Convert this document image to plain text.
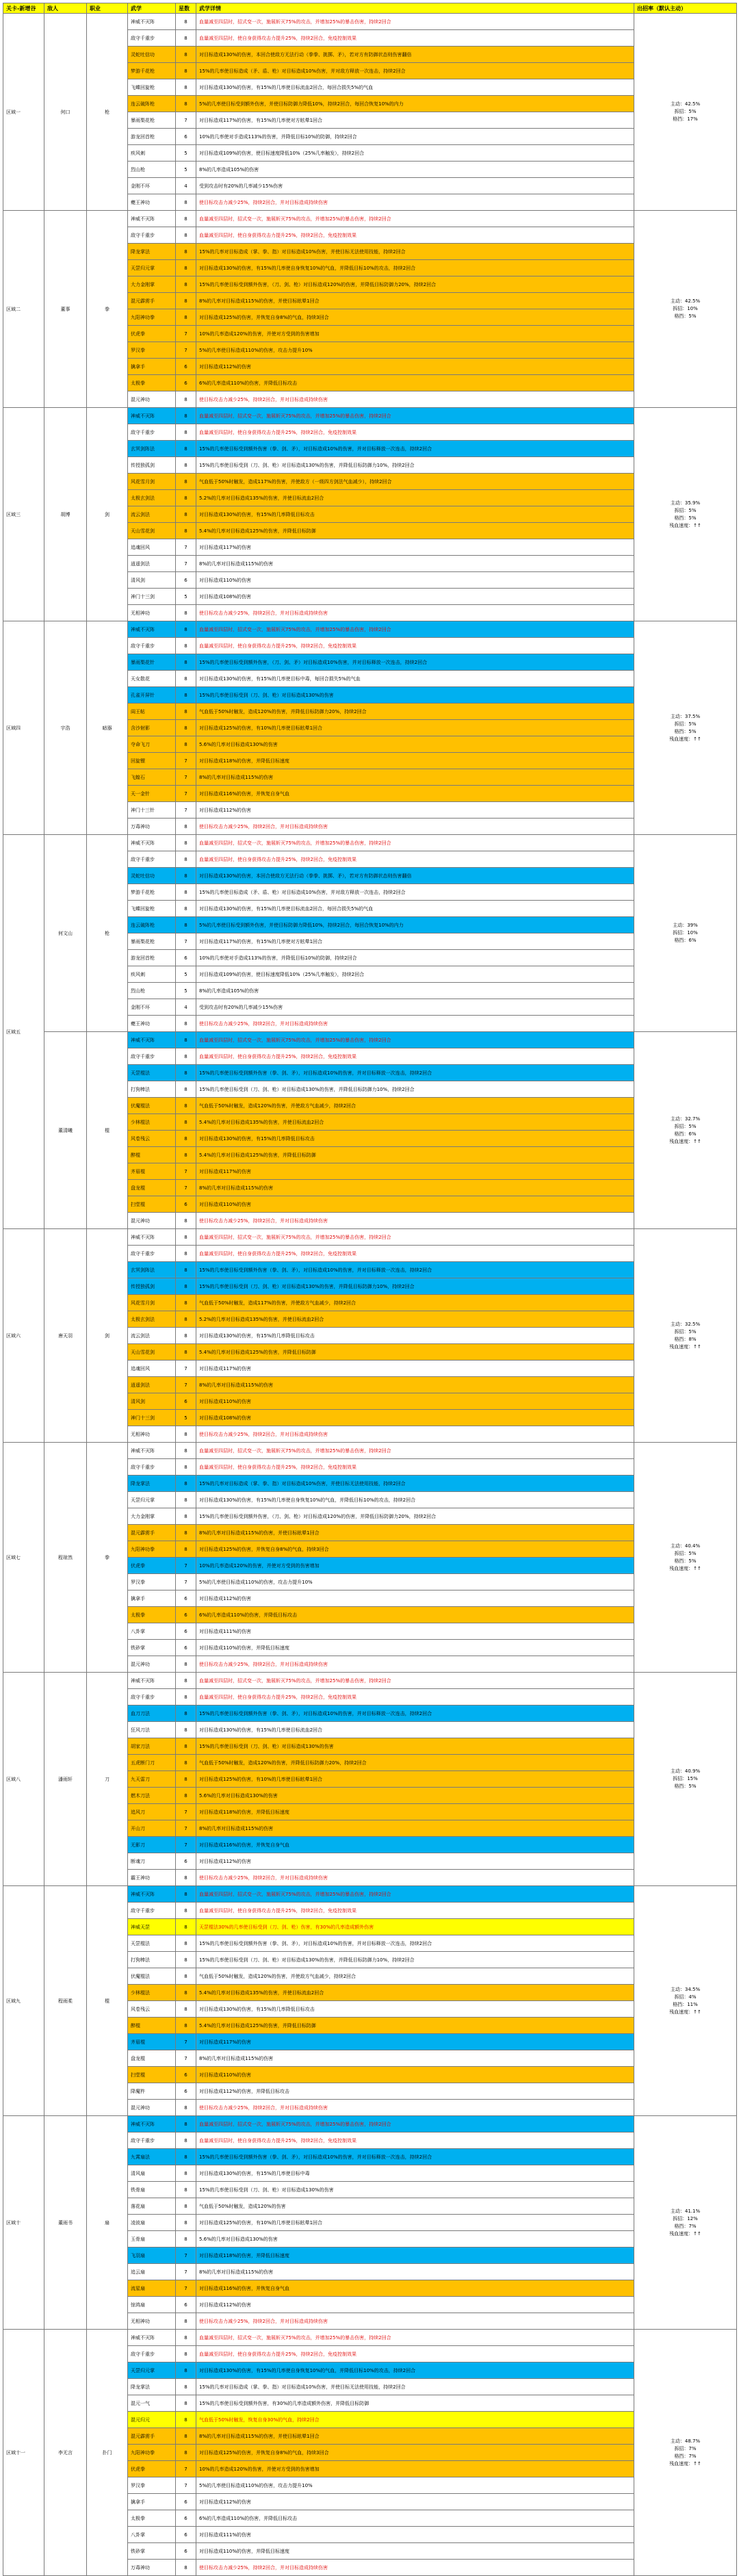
关卡-新增谷	敌人	职业	武学	星数	武学详情	出招率（默认主动）
区域一	何口	枪	神威不灭阵	8	血量减至四层时，招式变一次，施展斩灭75%的攻击，并增加25%的暴击伤害，持续2回合	主动：42.5%
拆招：5%
格挡：17%

			敌守千重步	8	血量减至四层时，使自身获得攻击力提升25%，持续2回合，免疫控制效果	
			灵蛇吐信功	8	对目标造成130%的伤害，本回合使敌方无法行动（拳拳、挑掷、矛），若对方有防御状态则伤害翻倍	
			梦游千花枪	8	15%的几率使目标造成（矛、盾、枪）对目标造成10%伤害，并对敌方释放一次连击，持续2回合	
			飞蝶回旋枪	8	对目标造成130%的伤害，有15%的几率使目标流血2回合，每回合损失5%的气血	
			连云破阵枪	8	5%的几率使目标受到额外伤害，并使目标防御力降低10%，持续2回合，每回合恢复10%的内力	
			暴雨梨花枪	7	对目标造成117%的伤害，有15%的几率使对方眩晕1回合	
			游龙回首枪	6	10%的几率使对手造成113%的伤害，并降低目标10%的防御，持续2回合	
			疾风刺	5	对目标造成109%的伤害，使目标速度降低10%（25%几率触发），持续2回合	
			烈山枪	5	8%的几率造成105%的伤害	
			金刚不坏	4	受到攻击时有20%的几率减少15%伤害	
			夔王神功	8	使目标攻击力减少25%，持续2回合，并对目标造成持续伤害	
区域二	董事	拳	神威不灭阵	8	血量减至四层时，招式变一次，施展斩灭75%的攻击，并增加25%的暴击伤害，持续2回合	主动：42.5%
拆招：10%
格挡：5%

			敌守千重步	8	血量减至四层时，使自身获得攻击力提升25%，持续2回合，免疫控制效果	
			降龙掌法	8	15%的几率对目标造成（掌、拳、指）对目标造成10%伤害，并使目标无法使用技能，持续2回合	
			天罡归元掌	8	对目标造成130%的伤害，有15%的几率使自身恢复10%的气血，并降低目标10%的攻击，持续2回合	
			大力金刚掌	8	15%的几率使目标受到额外伤害，（刀、剑、枪）对目标造成120%的伤害，并降低目标防御力20%，持续2回合	
			混元霹雳手	8	8%的几率对目标造成115%的伤害，并使目标眩晕1回合	
			九阳神功拳	8	对目标造成125%的伤害，并恢复自身8%的气血，持续3回合	
			伏虎拳	7	10%的几率造成120%的伤害，并使对方受到的伤害增加	
			罗汉拳	7	5%的几率使目标造成110%的伤害，攻击力提升10%	
			擒拿手	6	对目标造成112%的伤害	
			太极拳	6	6%的几率造成110%的伤害，并降低目标攻击	
			混元神功	8	使目标攻击力减少25%，持续2回合，并对目标造成持续伤害	
区域三	胡博	剑	神威不灭阵	8	血量减至四层时，招式变一次，施展斩灭75%的攻击，并增加25%的暴击伤害，持续2回合	主动：35.9%
拆招：5%
格挡：5%
残血速度：↑↑

			敌守千重步	8	血量减至四层时，使自身获得攻击力提升25%，持续2回合，免疫控制效果	
			玄冥剑阵法	8	15%的几率使目标受到额外伤害（拳、剑、矛），对目标造成10%的伤害，并对目标释放一次连击，持续2回合	
			传授独孤剑	8	15%的几率使目标受到（刀、剑、枪）对目标造成130%的伤害，并降低目标防御力10%，持续2回合	
			风花雪月剑	8	气血低于50%时触发，造成117%的伤害，并使敌方（一级四方剑法气血减少），持续2回合	
			太极玄剑法	8	5.2%的几率对目标造成135%的伤害，并使目标流血2回合	
			流云剑法	8	对目标造成130%的伤害，有15%的几率降低目标攻击	
			天山雪花剑	8	5.4%的几率对目标造成125%的伤害，并降低目标防御	
			追魂回风	7	对目标造成117%的伤害	
			逍遥剑法	7	8%的几率对目标造成115%的伤害	
			清风剑	6	对目标造成110%的伤害	
			神门十三剑	5	对目标造成108%的伤害	
			无相神功	8	使目标攻击力减少25%，持续2回合，并对目标造成持续伤害	
区域四	宇浩	暗器	神威不灭阵	8	血量减至四层时，招式变一次，施展斩灭75%的攻击，并增加25%的暴击伤害，持续2回合	主动：37.5%
拆招：5%
格挡：5%
残血速度：↑↑

			敌守千重步	8	血量减至四层时，使自身获得攻击力提升25%，持续2回合，免疫控制效果	
			暴雨梨花针	8	15%的几率使目标受到额外伤害，（刀、剑、矛）对目标造成10%伤害，并对目标释放一次连击，持续2回合	
			天女散花	8	对目标造成130%的伤害，有15%的几率使目标中毒，每回合损失5%的气血	
			孔雀开屏针	8	15%的几率使目标受到（刀、剑、枪）对目标造成130%的伤害	
			阎王帖	8	气血低于50%时触发，造成120%的伤害，并降低目标防御力20%，持续2回合	
			含沙射影	8	对目标造成125%的伤害，有10%的几率使目标眩晕1回合	
			夺命飞刀	8	5.6%的几率对目标造成130%的伤害	
			回旋镖	7	对目标造成118%的伤害，并降低目标速度	
			飞蝗石	7	8%的几率对目标造成115%的伤害	
			天一金针	7	对目标造成116%的伤害，并恢复自身气血	
			神门十三针	7	对目标造成112%的伤害	
			万毒神功	8	使目标攻击力减少25%，持续2回合，并对目标造成持续伤害	
区域五	何文山	枪	神威不灭阵	8	血量减至四层时，招式变一次，施展斩灭75%的攻击，并增加25%的暴击伤害，持续2回合	主动：39%
拆招：10%
格挡：6%

			敌守千重步	8	血量减至四层时，使自身获得攻击力提升25%，持续2回合，免疫控制效果	
			灵蛇吐信功	8	对目标造成130%的伤害，本回合使敌方无法行动（拳拳、挑掷、矛），若对方有防御状态则伤害翻倍	
			梦游千花枪	8	15%的几率使目标造成（矛、盾、枪）对目标造成10%伤害，并对敌方释放一次连击，持续2回合	
			飞蝶回旋枪	8	对目标造成130%的伤害，有15%的几率使目标流血2回合，每回合损失5%的气血	
			连云破阵枪	8	5%的几率使目标受到额外伤害，并使目标防御力降低10%，持续2回合，每回合恢复10%的内力	
			暴雨梨花枪	7	对目标造成117%的伤害，有15%的几率使对方眩晕1回合	
			游龙回首枪	6	10%的几率使对手造成113%的伤害，并降低目标10%的防御，持续2回合	
			疾风刺	5	对目标造成109%的伤害，使目标速度降低10%（25%几率触发），持续2回合	
			烈山枪	5	8%的几率造成105%的伤害	
			金刚不坏	4	受到攻击时有20%的几率减少15%伤害	
			夔王神功	8	使目标攻击力减少25%，持续2回合，并对目标造成持续伤害	
	董清曦	棍	神威不灭阵	8	血量减至四层时，招式变一次，施展斩灭75%的攻击，并增加25%的暴击伤害，持续2回合	主动：32.7%
拆招：5%
格挡：6%
残血速度：↑↑

			敌守千重步	8	血量减至四层时，使自身获得攻击力提升25%，持续2回合，免疫控制效果	
			天罡棍法	8	15%的几率使目标受到额外伤害（拳、剑、矛），对目标造成10%的伤害，并对目标释放一次连击，持续2回合	
			打狗棒法	8	15%的几率使目标受到（刀、剑、枪）对目标造成130%的伤害，并降低目标防御力10%，持续2回合	
			伏魔棍法	8	气血低于50%时触发，造成120%的伤害，并使敌方气血减少，持续2回合	
			少林棍法	8	5.4%的几率对目标造成135%的伤害，并使目标流血2回合	
			风卷残云	8	对目标造成130%的伤害，有15%的几率降低目标攻击	
			醉棍	8	5.4%的几率对目标造成125%的伤害，并降低目标防御	
			齐眉棍	7	对目标造成117%的伤害	
			盘龙棍	7	8%的几率对目标造成115%的伤害	
			扫堂棍	6	对目标造成110%的伤害	
			混元神功	8	使目标攻击力减少25%，持续2回合，并对目标造成持续伤害	
区域六	唐天羽	剑	神威不灭阵	8	血量减至四层时，招式变一次，施展斩灭75%的攻击，并增加25%的暴击伤害，持续2回合	主动：32.5%
拆招：5%
格挡：8%
残血速度：↑↑

			敌守千重步	8	血量减至四层时，使自身获得攻击力提升25%，持续2回合，免疫控制效果	
			玄冥剑阵法	8	15%的几率使目标受到额外伤害（拳、剑、矛），对目标造成10%的伤害，并对目标释放一次连击，持续2回合	
			传授独孤剑	8	15%的几率使目标受到（刀、剑、枪）对目标造成130%的伤害，并降低目标防御力10%，持续2回合	
			风花雪月剑	8	气血低于50%时触发，造成117%的伤害，并使敌方气血减少，持续2回合	
			太极玄剑法	8	5.2%的几率对目标造成135%的伤害，并使目标流血2回合	
			流云剑法	8	对目标造成130%的伤害，有15%的几率降低目标攻击	
			天山雪花剑	8	5.4%的几率对目标造成125%的伤害，并降低目标防御	
			追魂回风	7	对目标造成117%的伤害	
			逍遥剑法	7	8%的几率对目标造成115%的伤害	
			清风剑	6	对目标造成110%的伤害	
			神门十三剑	5	对目标造成108%的伤害	
			无相神功	8	使目标攻击力减少25%，持续2回合，并对目标造成持续伤害	
区域七	程琼然	拳	神威不灭阵	8	血量减至四层时，招式变一次，施展斩灭75%的攻击，并增加25%的暴击伤害，持续2回合	主动：40.4%
拆招：5%
格挡：5%
残血速度：↑↑

			敌守千重步	8	血量减至四层时，使自身获得攻击力提升25%，持续2回合，免疫控制效果	
			降龙掌法	8	15%的几率对目标造成（掌、拳、指）对目标造成10%伤害，并使目标无法使用技能，持续2回合	
			天罡归元掌	8	对目标造成130%的伤害，有15%的几率使自身恢复10%的气血，并降低目标10%的攻击，持续2回合	
			大力金刚掌	8	15%的几率使目标受到额外伤害，（刀、剑、枪）对目标造成120%的伤害，并降低目标防御力20%，持续2回合	
			混元霹雳手	8	8%的几率对目标造成115%的伤害，并使目标眩晕1回合	
			九阳神功拳	8	对目标造成125%的伤害，并恢复自身8%的气血，持续3回合	
			伏虎拳	7	10%的几率造成120%的伤害，并使对方受到的伤害增加	
			罗汉拳	7	5%的几率使目标造成110%的伤害，攻击力提升10%	
			擒拿手	6	对目标造成112%的伤害	
			太极拳	6	6%的几率造成110%的伤害，并降低目标攻击	
			八卦掌	6	对目标造成111%的伤害	
			铁砂掌	6	对目标造成110%的伤害，并降低目标速度	
			混元神功	8	使目标攻击力减少25%，持续2回合，并对目标造成持续伤害	
区域八	潘雨轩	刀	神威不灭阵	8	血量减至四层时，招式变一次，施展斩灭75%的攻击，并增加25%的暴击伤害，持续2回合	主动：40.9%
拆招：15%
格挡：5%

			敌守千重步	8	血量减至四层时，使自身获得攻击力提升25%，持续2回合，免疫控制效果	
			血刀刀法	8	15%的几率使目标受到额外伤害（拳、剑、矛），对目标造成10%的伤害，并对目标释放一次连击，持续2回合	
			狂风刀法	8	对目标造成130%的伤害，有15%的几率使目标流血2回合	
			胡家刀法	8	15%的几率使目标受到（刀、剑、枪）对目标造成130%的伤害	
			五虎断门刀	8	气血低于50%时触发，造成120%的伤害，并降低目标防御力20%，持续2回合	
			九天雷刀	8	对目标造成125%的伤害，有10%的几率使目标眩晕1回合	
			燃木刀法	8	5.6%的几率对目标造成130%的伤害	
			追风刀	7	对目标造成118%的伤害，并降低目标速度	
			开山刀	7	8%的几率对目标造成115%的伤害	
			无影刀	7	对目标造成116%的伤害，并恢复自身气血	
			断魂刀	6	对目标造成112%的伤害	
			霸王神功	8	使目标攻击力减少25%，持续2回合，并对目标造成持续伤害	
区域九	程雨柔	棍	神威不灭阵	8	血量减至四层时，招式变一次，施展斩灭75%的攻击，并增加25%的暴击伤害，持续2回合	主动：34.5%
拆招：4%
格挡：11%
残血速度：↑↑

			敌守千重步	8	血量减至四层时，使自身获得攻击力提升25%，持续2回合，免疫控制效果	
			神威天罡	8	天罡棍法30%的几率使目标受到（刀、剑、枪）伤害，有30%的几率造成额外伤害	
			天罡棍法	8	15%的几率使目标受到额外伤害（拳、剑、矛），对目标造成10%的伤害，并对目标释放一次连击，持续2回合	
			打狗棒法	8	15%的几率使目标受到（刀、剑、枪）对目标造成130%的伤害，并降低目标防御力10%，持续2回合	
			伏魔棍法	8	气血低于50%时触发，造成120%的伤害，并使敌方气血减少，持续2回合	
			少林棍法	8	5.4%的几率对目标造成135%的伤害，并使目标流血2回合	
			风卷残云	8	对目标造成130%的伤害，有15%的几率降低目标攻击	
			醉棍	8	5.4%的几率对目标造成125%的伤害，并降低目标防御	
			齐眉棍	7	对目标造成117%的伤害	
			盘龙棍	7	8%的几率对目标造成115%的伤害	
			扫堂棍	6	对目标造成110%的伤害	
			降魔杵	6	对目标造成112%的伤害，并降低目标攻击	
			混元神功	8	使目标攻击力减少25%，持续2回合，并对目标造成持续伤害	
区域十	董雨书	扇	神威不灭阵	8	血量减至四层时，招式变一次，施展斩灭75%的攻击，并增加25%的暴击伤害，持续2回合	主动：41.1%
拆招：12%
格挡：7%
残血速度：↑↑

			敌守千重步	8	血量减至四层时，使自身获得攻击力提升25%，持续2回合，免疫控制效果	
			九霄扇法	8	15%的几率使目标受到额外伤害（拳、剑、矛），对目标造成10%的伤害，并对目标释放一次连击，持续2回合	
			清风扇	8	对目标造成130%的伤害，有15%的几率使目标中毒	
			铁骨扇	8	15%的几率使目标受到（刀、剑、枪）对目标造成130%的伤害	
			落花扇	8	气血低于50%时触发，造成120%的伤害	
			凌波扇	8	对目标造成125%的伤害，有10%的几率使目标眩晕1回合	
			玉骨扇	8	5.6%的几率对目标造成130%的伤害	
			飞羽扇	7	对目标造成118%的伤害，并降低目标速度	
			追云扇	7	8%的几率对目标造成115%的伤害	
			流星扇	7	对目标造成116%的伤害，并恢复自身气血	
			惊鸿扇	6	对目标造成112%的伤害	
			无相神功	8	使目标攻击力减少25%，持续2回合，并对目标造成持续伤害	
区域十一	李无言	扑门	神威不灭阵	8	血量减至四层时，招式变一次，施展斩灭75%的攻击，并增加25%的暴击伤害，持续2回合	主动：48.7%
拆招：7%
格挡：7%
残血速度：↑↑

			敌守千重步	8	血量减至四层时，使自身获得攻击力提升25%，持续2回合，免疫控制效果	
			天罡归元掌	8	对目标造成130%的伤害，有15%的几率使自身恢复10%的气血，并降低目标10%的攻击，持续2回合	
			降龙掌法	8	15%的几率对目标造成（掌、拳、指）对目标造成10%伤害，并使目标无法使用技能，持续2回合	
			混元一气	8	15%的几率使目标受到额外伤害，有30%的几率造成额外伤害，并降低目标防御	
			混元归元	8	气血低于50%时触发，恢复自身30%的气血，持续2回合	
			混元霹雳手	8	8%的几率对目标造成115%的伤害，并使目标眩晕1回合	
			九阳神功拳	8	对目标造成125%的伤害，并恢复自身8%的气血，持续3回合	
			伏虎拳	7	10%的几率造成120%的伤害，并使对方受到的伤害增加	
			罗汉拳	7	5%的几率使目标造成110%的伤害，攻击力提升10%	
			擒拿手	6	对目标造成112%的伤害	
			太极拳	6	6%的几率造成110%的伤害，并降低目标攻击	
			八卦掌	6	对目标造成111%的伤害	
			铁砂掌	6	对目标造成110%的伤害，并降低目标速度	
			万毒神功	8	使目标攻击力减少25%，持续2回合，并对目标造成持续伤害	
